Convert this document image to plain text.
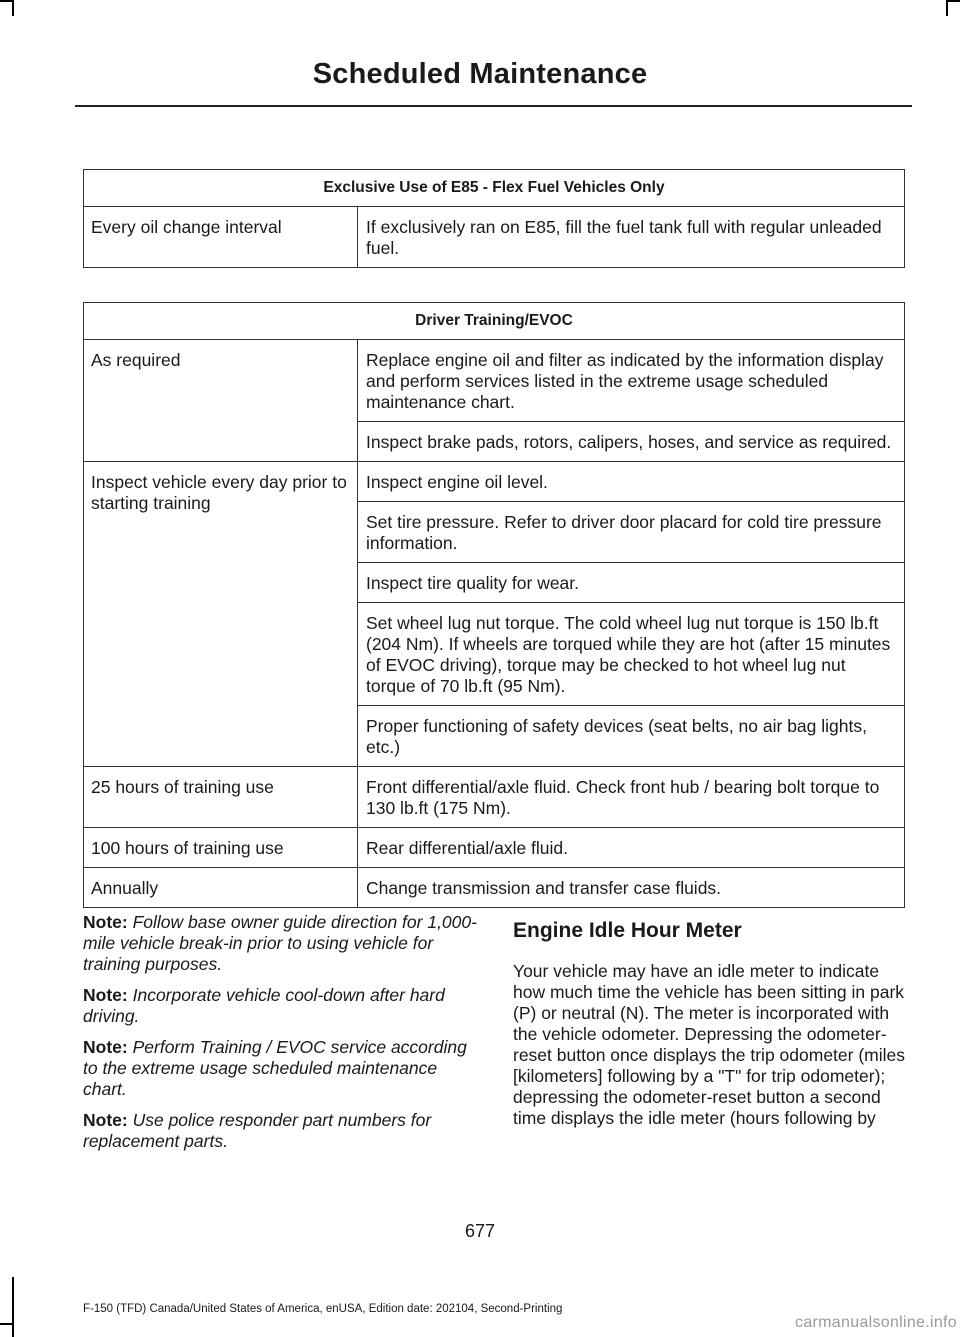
Scheduled Maintenance
Exclusive Use of E85 - Flex Fuel Vehicles Only
Every oil change interval	If exclusively ran on E85, fill the fuel tank full with regular unleaded fuel.
Driver Training/EVOC	
As required	Replace engine oil and filter as indicated by the information display and perform services listed in the extreme usage scheduled maintenance chart.
	Inspect brake pads, rotors, calipers, hoses, and service as required.
Inspect vehicle every day prior to starting training	Inspect engine oil level.
	Set tire pressure. Refer to driver door placard for cold tire pressure information.
	Inspect tire quality for wear.
	Set wheel lug nut torque. The cold wheel lug nut torque is 150 lb.ft (204 Nm). If wheels are torqued while they are hot (after 15 minutes of EVOC driving), torque may be checked to hot wheel lug nut torque of 70 lb.ft (95 Nm).
	Proper functioning of safety devices (seat belts, no air bag lights, etc.)
25 hours of training use	Front differential/axle fluid. Check front hub / bearing bolt torque to 130 lb.ft (175 Nm).
100 hours of training use	Rear differential/axle fluid.
Annually	Change transmission and transfer case fluids.

Note: Follow base owner guide direction for 1,000-mile vehicle break-in prior to using vehicle for training purposes.

Note: Incorporate vehicle cool-down after hard driving.

Note: Perform Training / EVOC service according to the extreme usage scheduled maintenance chart.

Note: Use police responder part numbers for replacement parts.

Engine Idle Hour Meter

Your vehicle may have an idle meter to indicate how much time the vehicle has been sitting in park (P) or neutral (N). The meter is incorporated with the vehicle odometer. Depressing the odometer-reset button once displays the trip odometer (miles [kilometers] following by a "T" for trip odometer); depressing the odometer-reset button a second time displays the idle meter (hours following by

677
F-150 (TFD) Canada/United States of America, enUSA, Edition date: 202104, Second-Printing
carmanualsonline.info
